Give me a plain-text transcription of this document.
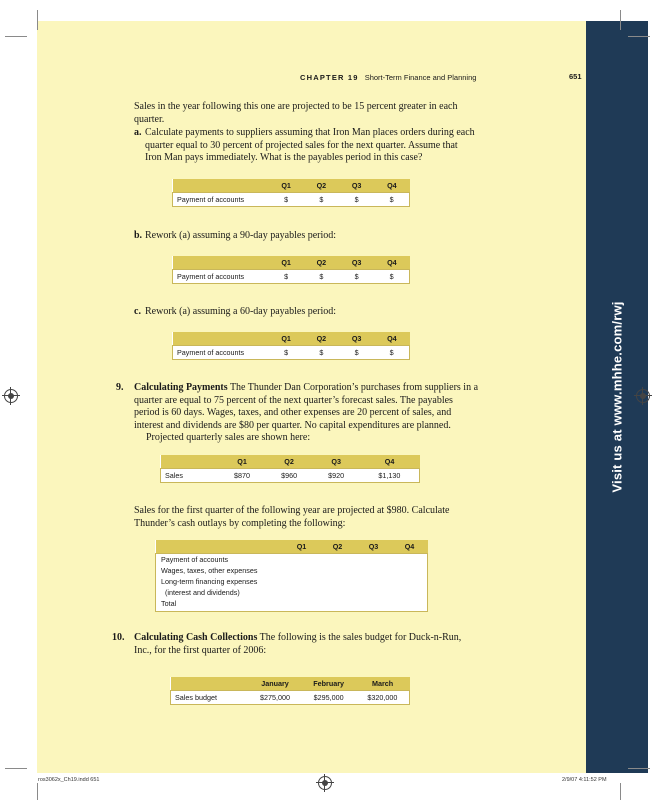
Visit us at www.mhhe.com/rwj
CHAPTER 19 Short-Term Finance and Planning	651

Sales in the year following this one are projected to be 15 percent greater in each quarter.

a. Calculate payments to suppliers assuming that Iron Man places orders during each quarter equal to 30 percent of projected sales for the next quarter. Assume that Iron Man pays immediately. What is the payables period in this case?

	Q1	Q2	Q3	Q4
Payment of accounts	$	$	$	$
b. Rework (a) assuming a 90-day payables period:

	Q1	Q2	Q3	Q4
Payment of accounts	$	$	$	$
c. Rework (a) assuming a 60-day payables period:

	Q1	Q2	Q3	Q4
Payment of accounts	$	$	$	$
9. Calculating Payments The Thunder Dan Corporation’s purchases from suppliers in a quarter are equal to 75 percent of the next quarter’s forecast sales. The payables period is 60 days. Wages, taxes, and other expenses are 20 percent of sales, and interest and dividends are $80 per quarter. No capital expenditures are planned.

Projected quarterly sales are shown here:

	Q1	Q2	Q3	Q4
Sales	$870	$960	$920	$1,130

Sales for the first quarter of the following year are projected at $980. Calculate Thunder’s cash outlays by completing the following:

	Q1	Q2	Q3	Q4
Payment of accounts
Wages, taxes, other expenses
Long-term financing expenses
(interest and dividends)
Total
10. Calculating Cash Collections The following is the sales budget for Duck-n-Run, Inc., for the first quarter of 2006:

	January	February	March
Sales budget	$275,000	$295,000	$320,000
ros3062x_Ch19.indd 651	2/9/07 4:11:52 PM
